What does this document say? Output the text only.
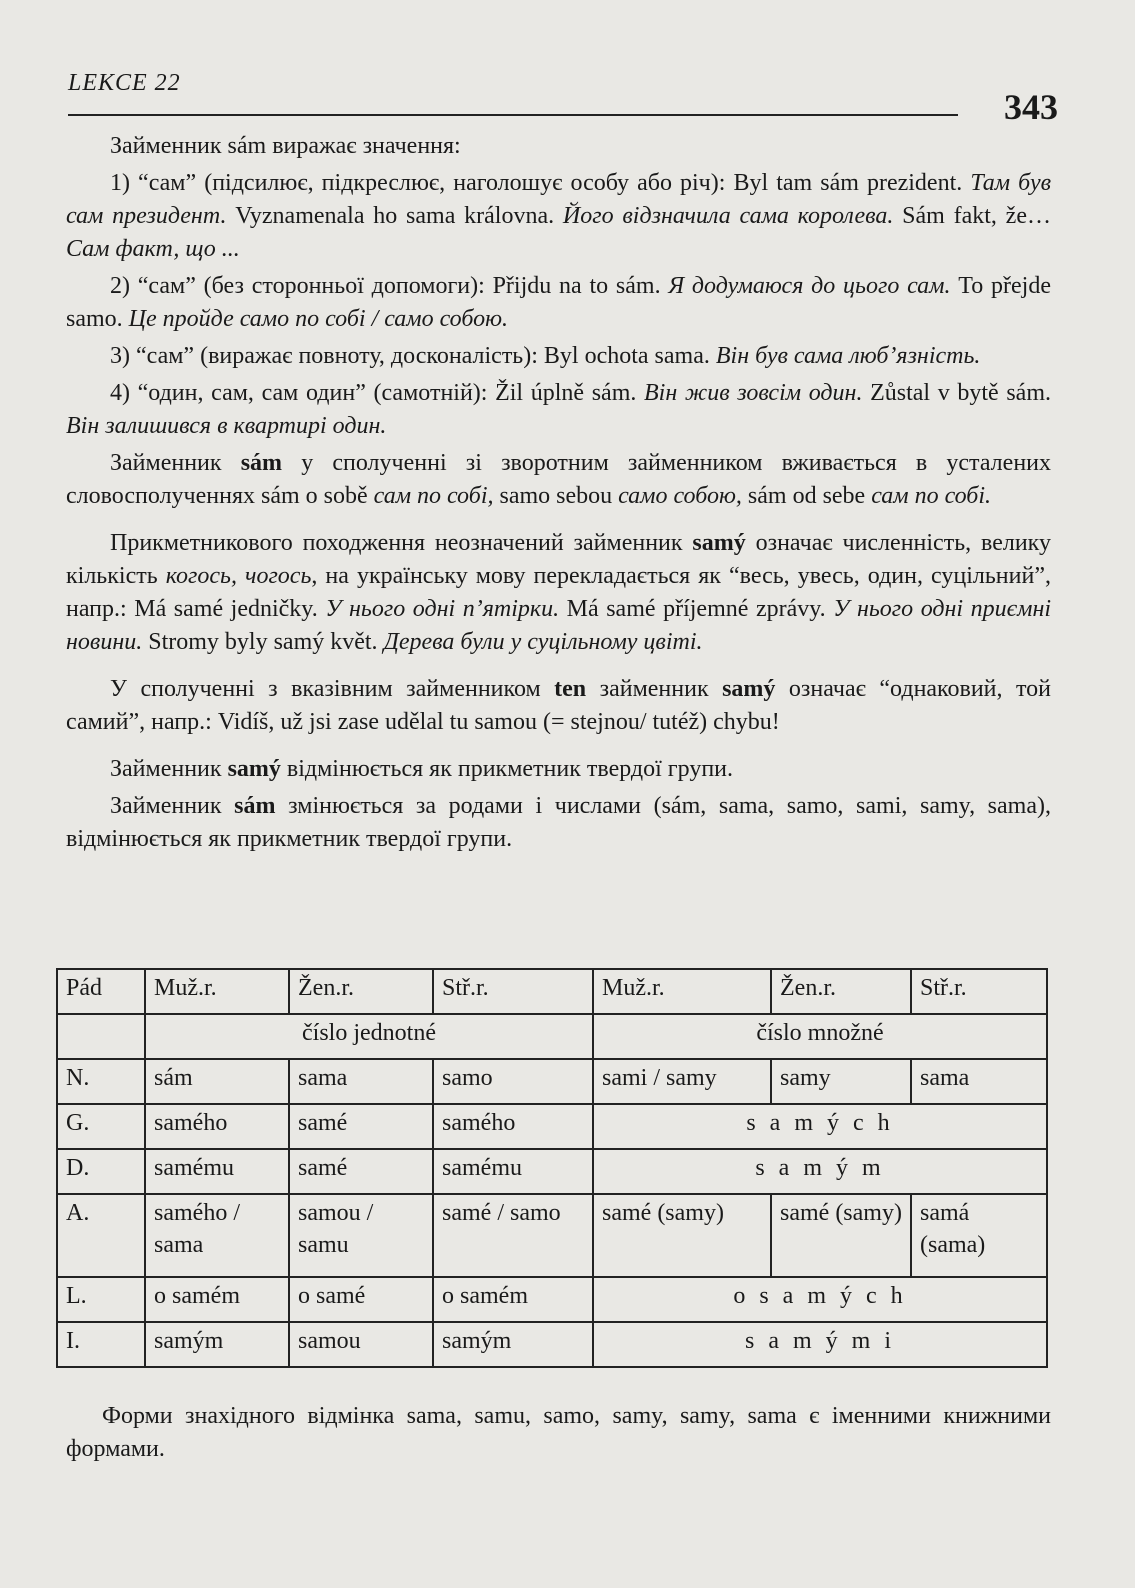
LEKCE 22
343

Займенник sám виражає значення:

1) “сам” (підсилює, підкреслює, наголошує особу або річ): Byl tam sám prezident. Там був сам президент. Vyznamenala ho sama královna. Його відзначила сама королева. Sám fakt, že… Сам факт, що ...

2) “сам” (без сторонньої допомоги): Přijdu na to sám. Я додумаюся до цього сам. To přejde samo. Це пройде само по собі / само собою.

3) “сам” (виражає повноту, досконалість): Byl ochota sama. Він був сама люб’язність.

4) “один, сам, сам один” (самотній): Žil úplně sám. Він жив зовсім один. Zůstal v bytě sám. Він залишився в квартирі один.

Займенник sám у сполученні зі зворотним займенником вживається в усталених словосполученнях sám o sobě сам по собі, samo sebou само собою, sám od sebe сам по собі.

Прикметникового походження неозначений займенник samý означає численність, велику кількість когось, чогось, на українську мову перекладається як “весь, увесь, один, суцільний”, напр.: Má samé jedničky. У нього одні п’ятірки. Má samé příjemné zprávy. У нього одні приємні новини. Stromy byly samý květ. Дерева були у суцільному цвіті.

У сполученні з вказівним займенником ten займенник samý означає “однаковий, той самий”, напр.: Vidíš, už jsi zase udělal tu samou (= stejnou/ tutéž) chybu!

Займенник samý відмінюється як прикметник твердої групи.

Займенник sám змінюється за родами і числами (sám, sama, samo, sami, samy, sama), відмінюється як прикметник твердої групи.

Pád	Muž.r.	Žen.r.	Stř.r.	Muž.r.	Žen.r.	Stř.r.
	číslo jednotné			číslo množné		
N.	sám	sama	samo	sami / samy	samy	sama
G.	samého	samé	samého	s a m ý c h		
D.	samému	samé	samému	s a m ý m		
A.	samého / sama	samou / samu	samé / samo	samé (samy)	samé (samy)	samá (sama)
L.	o samém	o samé	o samém	o s a m ý c h		
I.	samým	samou	samým	s a m ý m i		

Форми знахідного відмінка sama, samu, samo, samy, samy, sama є іменними книжними формами.
